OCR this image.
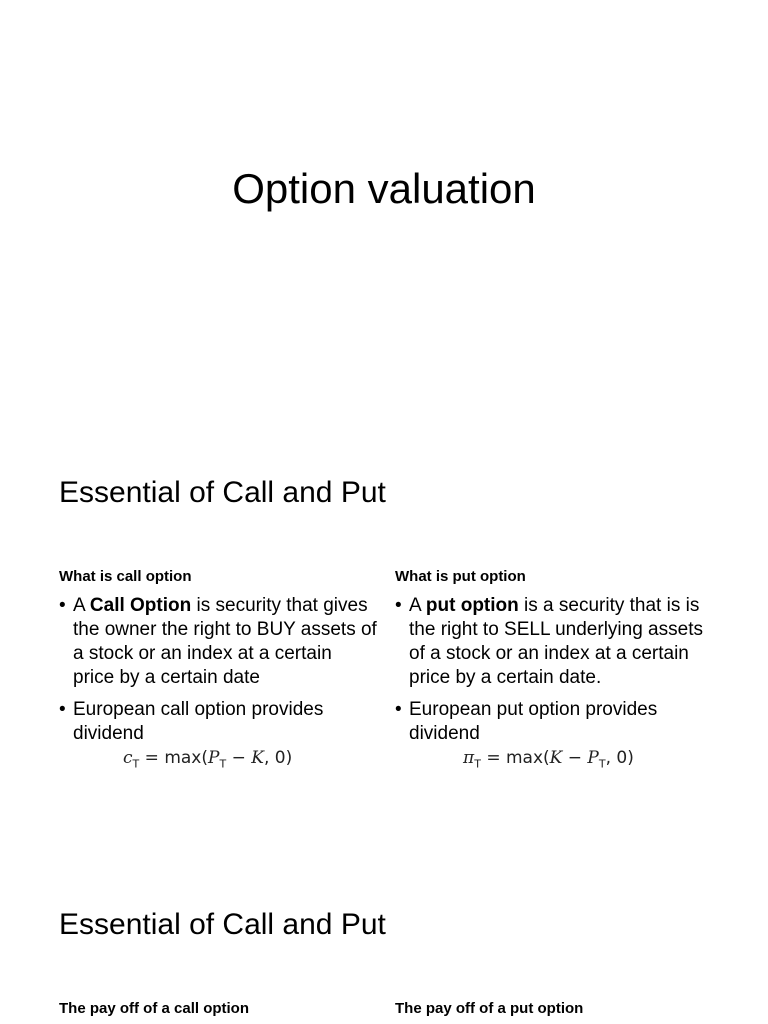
Option valuation
Essential of Call and Put

What is call option	What is put option

• A Call Option is security that gives the owner the right to BUY assets of a stock or an index at a certain price by a certain date
• European call option provides dividend
$c_T = \max(P_T - K$, 0)
• A put option is a security that is is the right to SELL underlying assets of a stock or an index at a certain price by a certain date.
• European put option provides dividend
$\pi_T = \max(K - P_T$, 0)
Essential of Call and Put

The pay off of a call option	The pay off of a put option
